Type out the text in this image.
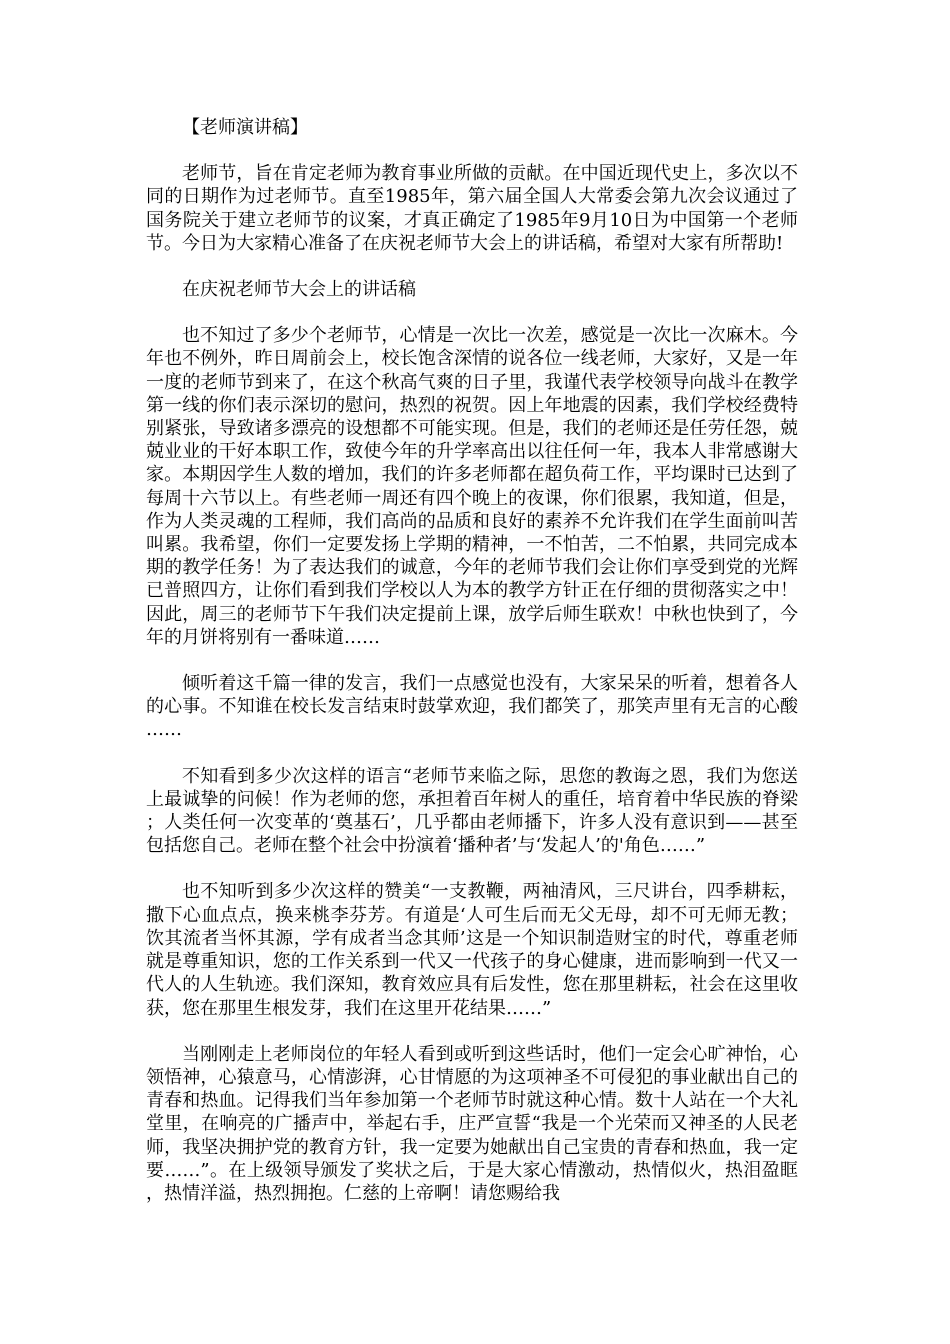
【老师演讲稿】

老师节，旨在肯定老师为教育事业所做的贡献。在中国近现代史上，多次以不同的日期作为过老师节。直至1985年，第六届全国人大常委会第九次会议通过了国务院关于建立老师节的议案，才真正确定了1985年9月10日为中国第一个老师节。今日为大家精心准备了在庆祝老师节大会上的讲话稿，希望对大家有所帮助!

在庆祝老师节大会上的讲话稿

也不知过了多少个老师节，心情是一次比一次差，感觉是一次比一次麻木。今年也不例外，昨日周前会上，校长饱含深情的说各位一线老师，大家好，又是一年一度的老师节到来了，在这个秋高气爽的日子里，我谨代表学校领导向战斗在教学第一线的你们表示深切的慰问，热烈的祝贺。因上年地震的因素，我们学校经费特别紧张，导致诸多漂亮的设想都不可能实现。但是，我们的老师还是任劳任怨，兢兢业业的干好本职工作，致使今年的升学率高出以往任何一年，我本人非常感谢大家。本期因学生人数的增加，我们的许多老师都在超负荷工作，平均课时已达到了每周十六节以上。有些老师一周还有四个晚上的夜课，你们很累，我知道，但是，作为人类灵魂的工程师，我们高尚的品质和良好的素养不允许我们在学生面前叫苦叫累。我希望，你们一定要发扬上学期的精神，一不怕苦，二不怕累，共同完成本期的教学任务！为了表达我们的诚意，今年的老师节我们会让你们享受到党的光辉已普照四方，让你们看到我们学校以人为本的教学方针正在仔细的贯彻落实之中！因此，周三的老师节下午我们决定提前上课，放学后师生联欢！中秋也快到了，今年的月饼将别有一番味道……

倾听着这千篇一律的发言，我们一点感觉也没有，大家呆呆的听着，想着各人的心事。不知谁在校长发言结束时鼓掌欢迎，我们都笑了，那笑声里有无言的心酸……

不知看到多少次这样的语言“老师节来临之际，思您的教诲之恩，我们为您送上最诚挚的问候！作为老师的您，承担着百年树人的重任，培育着中华民族的脊梁；人类任何一次变革的‘奠基石’，几乎都由老师播下，许多人没有意识到——甚至包括您自己。老师在整个社会中扮演着‘播种者’与‘发起人’的'角色……”

也不知听到多少次这样的赞美“一支教鞭，两袖清风，三尺讲台，四季耕耘，撒下心血点点，换来桃李芬芳。有道是‘人可生后而无父无母，却不可无师无教；饮其流者当怀其源，学有成者当念其师’这是一个知识制造财宝的时代，尊重老师就是尊重知识，您的工作关系到一代又一代孩子的身心健康，进而影响到一代又一代人的人生轨迹。我们深知，教育效应具有后发性，您在那里耕耘，社会在这里收获，您在那里生根发芽，我们在这里开花结果……”

当刚刚走上老师岗位的年轻人看到或听到这些话时，他们一定会心旷神怡，心领悟神，心猿意马，心情澎湃，心甘情愿的为这项神圣不可侵犯的事业献出自己的青春和热血。记得我们当年参加第一个老师节时就这种心情。数十人站在一个大礼堂里，在响亮的广播声中，举起右手，庄严宣誓“我是一个光荣而又神圣的人民老师，我坚决拥护党的教育方针，我一定要为她献出自己宝贵的青春和热血，我一定要……”。在上级领导颁发了奖状之后，于是大家心情激动，热情似火，热泪盈眶，热情洋溢，热烈拥抱。仁慈的上帝啊！请您赐给我
